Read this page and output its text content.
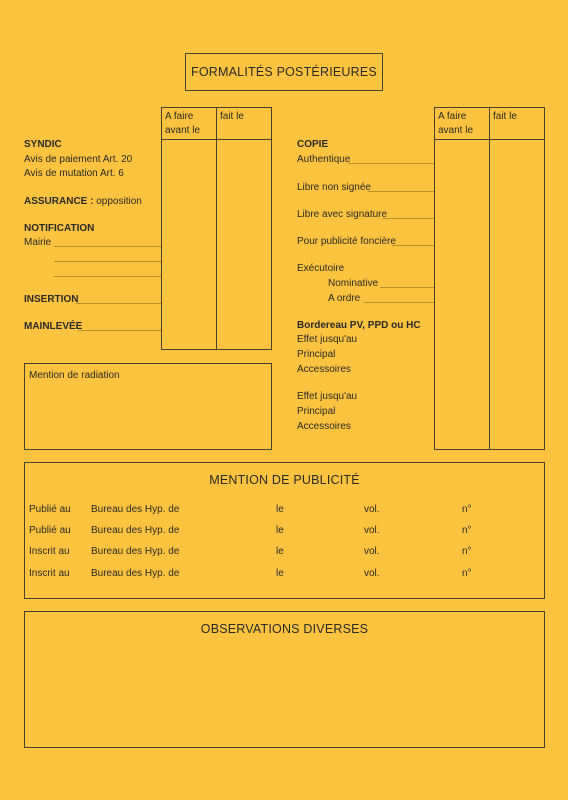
FORMALITÉS POSTÉRIEURES
A faire
avant le
fait le
SYNDIC
Avis de paiement Art. 20
Avis de mutation Art. 6
ASSURANCE : opposition
NOTIFICATION
Mairie
INSERTION
MAINLEVÉE
Mention de radiation
A faire
avant le
fait le
COPIE
Authentique
Libre non signée
Libre avec signature
Pour publicité foncière
Exécutoire
Nominative
A ordre
Bordereau PV, PPD ou HC
Effet jusqu'au
Principal
Accessoires
Effet jusqu'au
Principal
Accessoires
MENTION DE PUBLICITÉ
Publié au Bureau des Hyp. de	le	vol.	n°
Publié au Bureau des Hyp. de	le	vol.	n°
Inscrit au Bureau des Hyp. de	le	vol.	n°
Inscrit au Bureau des Hyp. de	le	vol.	n°
OBSERVATIONS DIVERSES
